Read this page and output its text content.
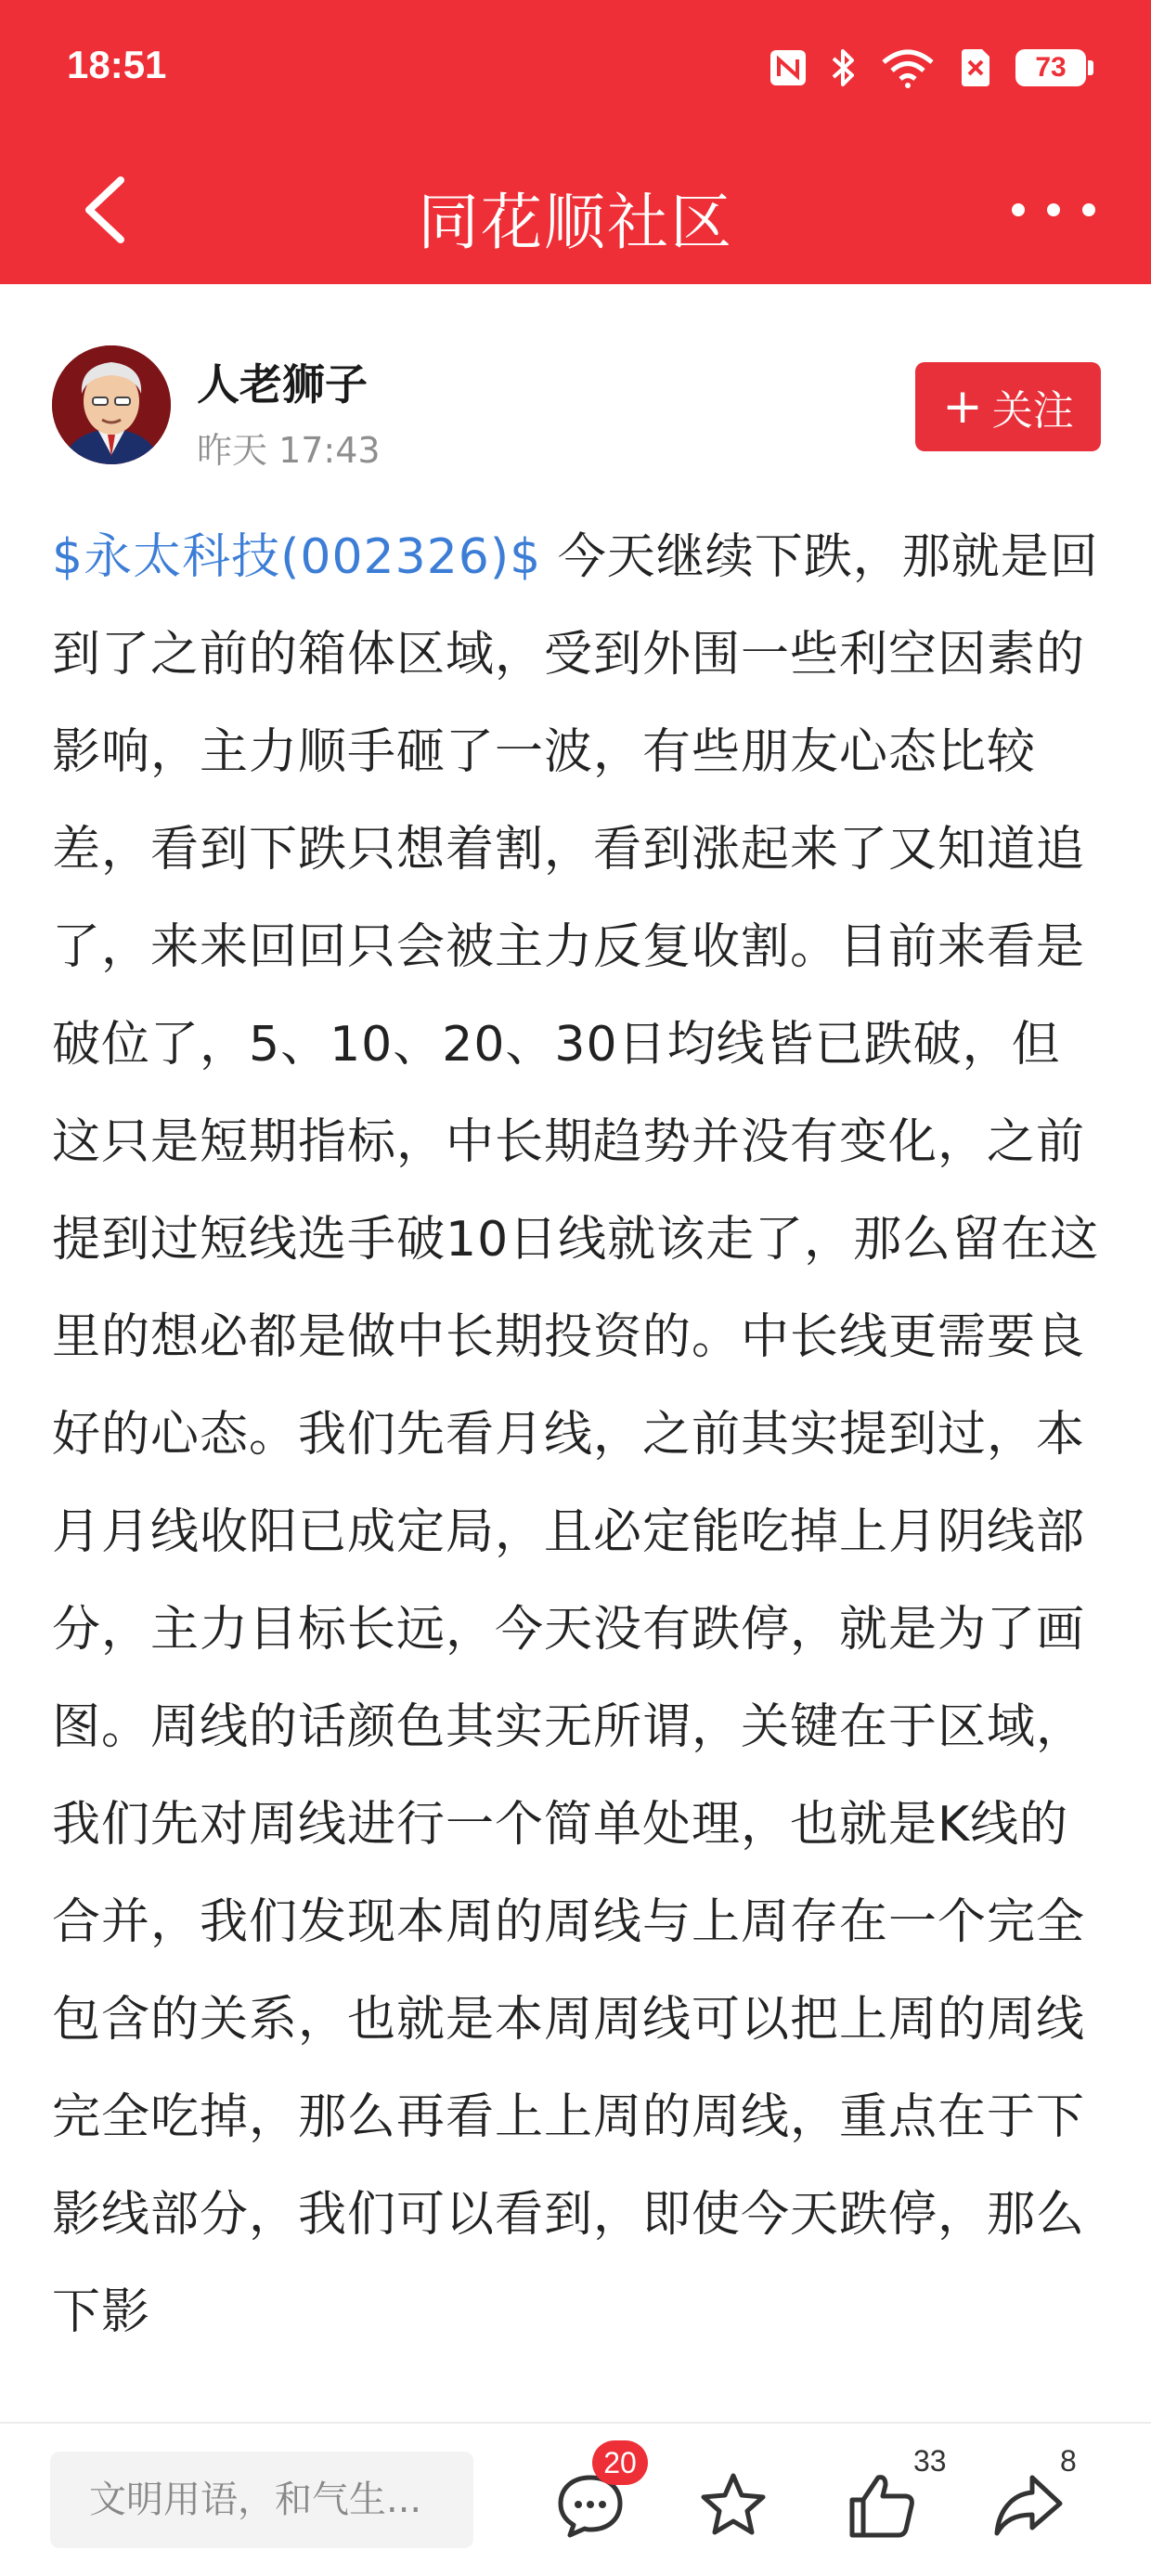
18:51	73
同花顺社区
人老狮子
昨天 17:43
+ 关注
$永太科技(002326)$ 今天继续下跌，那就是回到了之前的箱体区域，受到外围一些利空因素的影响，主力顺手砸了一波，有些朋友心态比较差，看到下跌只想着割，看到涨起来了又知道追了，来来回回只会被主力反复收割。目前来看是破位了，5、10、20、30日均线皆已跌破，但这只是短期指标，中长期趋势并没有变化，之前提到过短线选手破10日线就该走了，那么留在这里的想必都是做中长期投资的。中长线更需要良好的心态。我们先看月线，之前其实提到过，本月月线收阳已成定局，且必定能吃掉上月阴线部分，主力目标长远，今天没有跌停，就是为了画图。周线的话颜色其实无所谓，关键在于区域，我们先对周线进行一个简单处理，也就是K线的合并，我们发现本周的周线与上周存在一个完全包含的关系，也就是本周周线可以把上周的周线完全吃掉，那么再看上上周的周线，重点在于下影线部分，我们可以看到，即使今天跌停，那么下影
文明用语，和气生...
20	33	8
